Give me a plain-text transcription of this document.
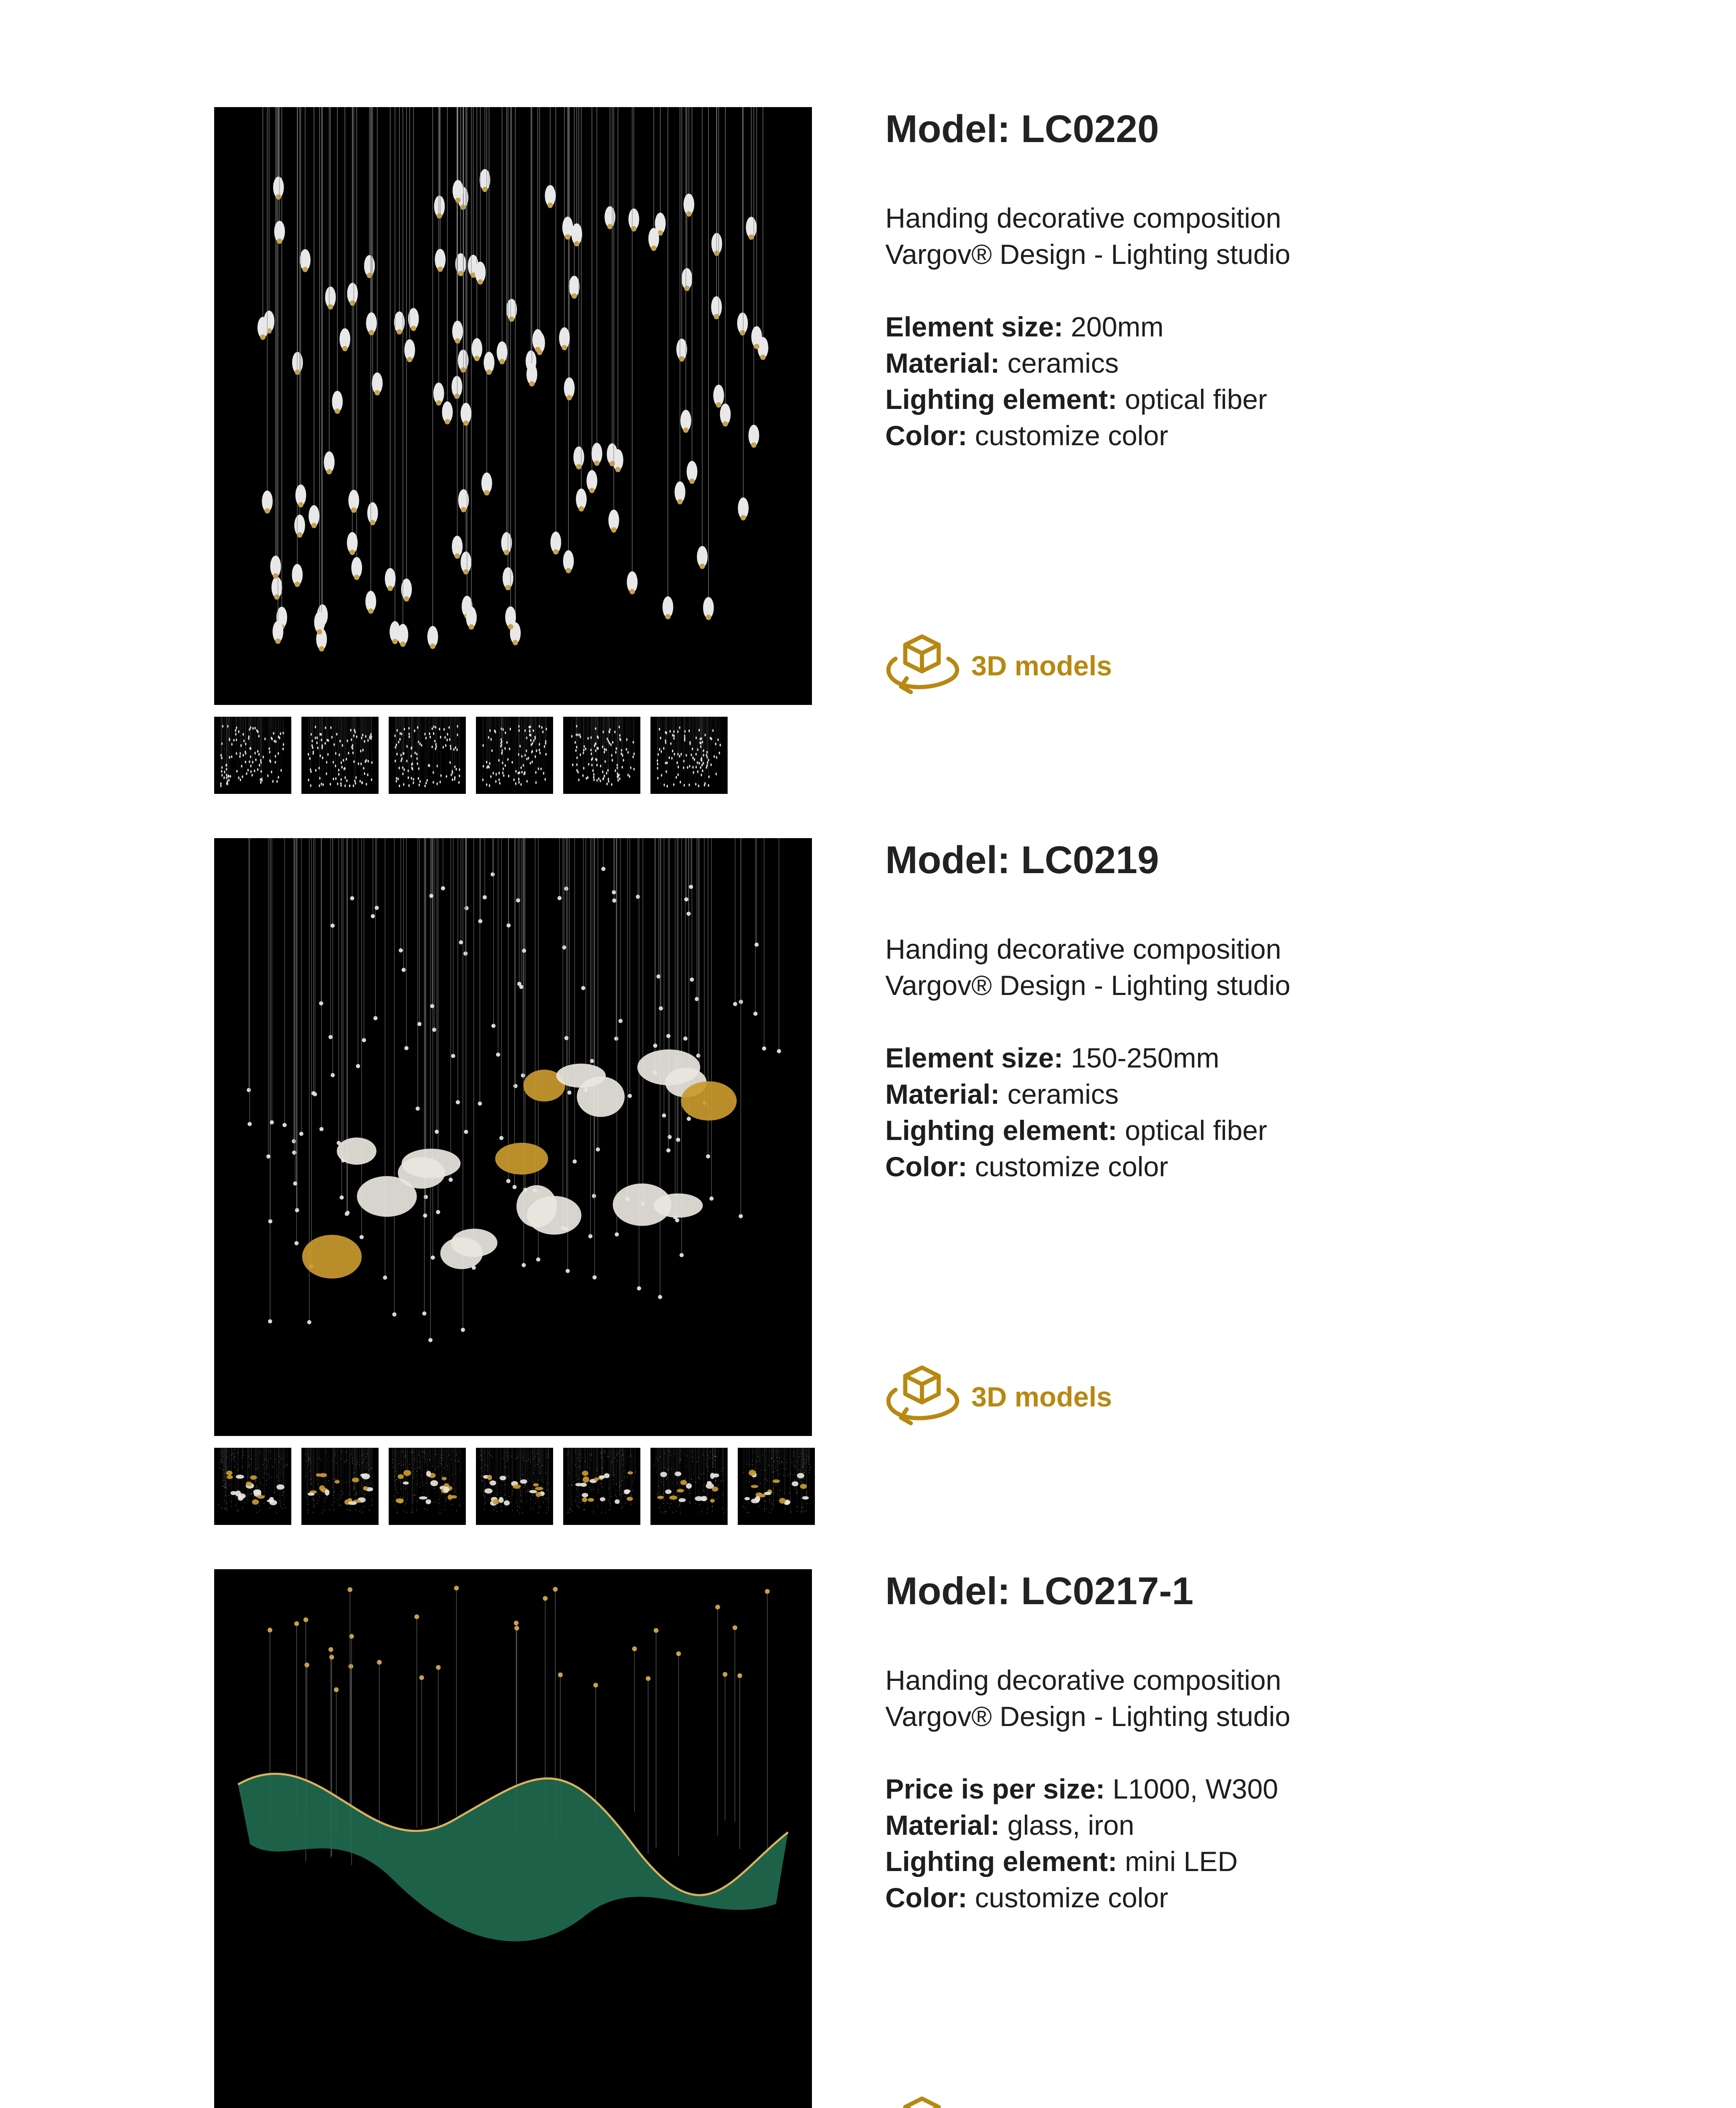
Model: LC0220

Handing decorative composition

Vargov® Design - Lighting studio

Element size: 200mm
Material: ceramics
Lighting element: optical fiber
Color: customize color

3D models
Model: LC0219

Handing decorative composition

Vargov® Design - Lighting studio

Element size: 150-250mm
Material: ceramics
Lighting element: optical fiber
Color: customize color

3D models
Model: LC0217-1

Handing decorative composition

Vargov® Design - Lighting studio

Price is per size: L1000, W300
Material: glass, iron
Lighting element: mini LED
Color: customize color
